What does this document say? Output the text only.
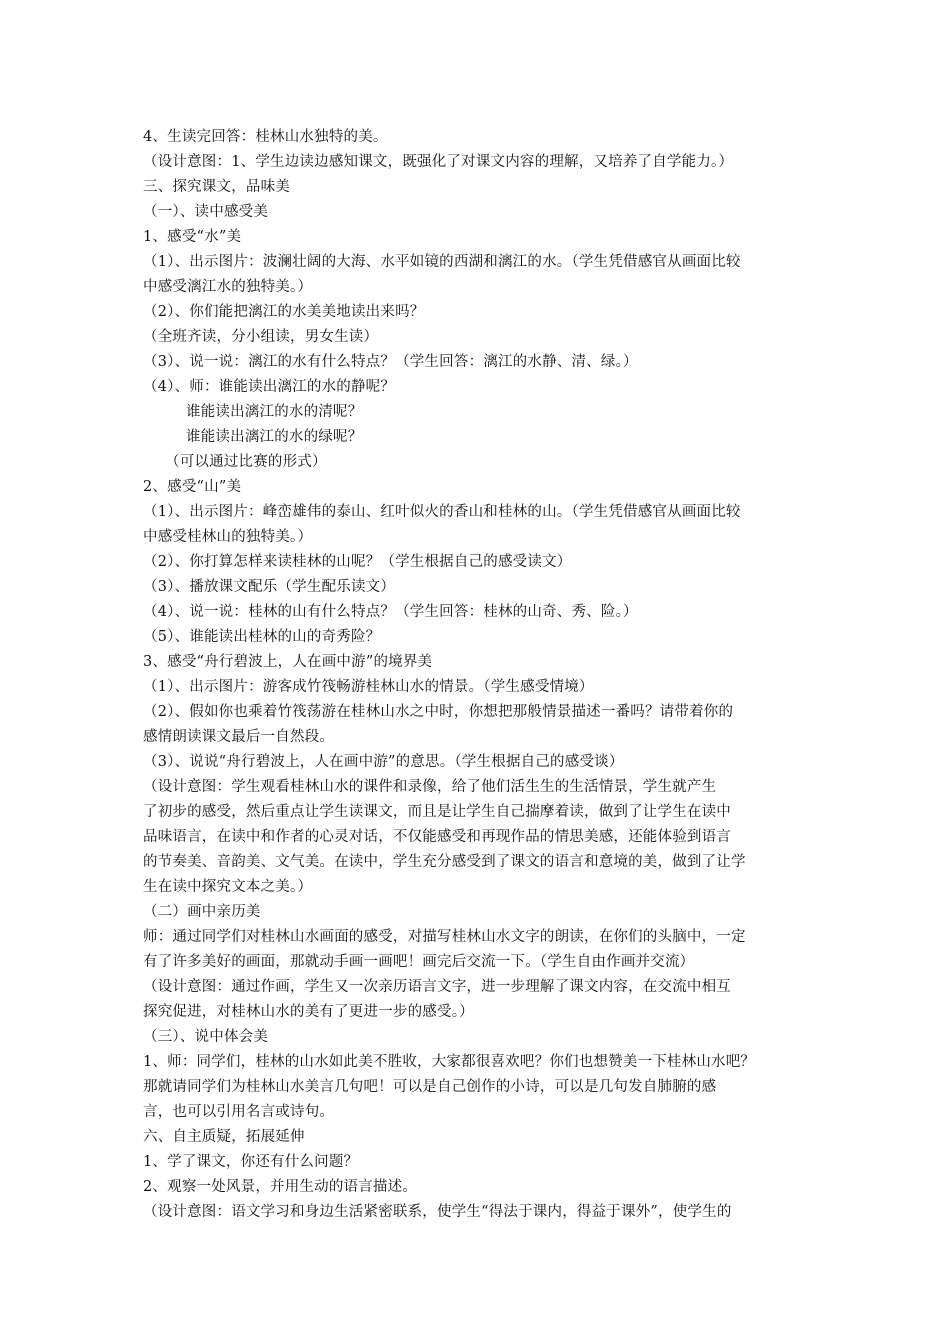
4、生读完回答：桂林山水独特的美。
（设计意图：1、学生边读边感知课文，既强化了对课文内容的理解，又培养了自学能力。）
三、探究课文，品味美
（一）、读中感受美
1、感受“水”美
（1）、出示图片：波澜壮阔的大海、水平如镜的西湖和漓江的水。（学生凭借感官从画面比较
中感受漓江水的独特美。）
（2）、你们能把漓江的水美美地读出来吗？
（全班齐读，分小组读，男女生读）
（3）、说一说：漓江的水有什么特点？（学生回答：漓江的水静、清、绿。）
（4）、师：谁能读出漓江的水的静呢？
谁能读出漓江的水的清呢？
谁能读出漓江的水的绿呢？
（可以通过比赛的形式）
2、感受“山”美
（1）、出示图片：峰峦雄伟的泰山、红叶似火的香山和桂林的山。（学生凭借感官从画面比较
中感受桂林山的独特美。）
（2）、你打算怎样来读桂林的山呢？（学生根据自己的感受读文）
（3）、播放课文配乐（学生配乐读文）
（4）、说一说：桂林的山有什么特点？（学生回答：桂林的山奇、秀、险。）
（5）、谁能读出桂林的山的奇秀险？
3、感受“舟行碧波上，人在画中游”的境界美
（1）、出示图片：游客成竹筏畅游桂林山水的情景。（学生感受情境）
（2）、假如你也乘着竹筏荡游在桂林山水之中时，你想把那般情景描述一番吗？请带着你的
感情朗读课文最后一自然段。
（3）、说说“舟行碧波上，人在画中游”的意思。（学生根据自己的感受谈）
（设计意图：学生观看桂林山水的课件和录像，给了他们活生生的生活情景，学生就产生
了初步的感受，然后重点让学生读课文，而且是让学生自己揣摩着读，做到了让学生在读中
品味语言，在读中和作者的心灵对话，不仅能感受和再现作品的情思美感，还能体验到语言
的节奏美、音韵美、文气美。在读中，学生充分感受到了课文的语言和意境的美，做到了让学
生在读中探究文本之美。）
（二）画中亲历美
师：通过同学们对桂林山水画面的感受，对描写桂林山水文字的朗读，在你们的头脑中，一定
有了许多美好的画面，那就动手画一画吧！画完后交流一下。（学生自由作画并交流）
（设计意图：通过作画，学生又一次亲历语言文字，进一步理解了课文内容，在交流中相互
探究促进，对桂林山水的美有了更进一步的感受。）
（三）、说中体会美
1、师：同学们，桂林的山水如此美不胜收，大家都很喜欢吧？你们也想赞美一下桂林山水吧？
那就请同学们为桂林山水美言几句吧！可以是自己创作的小诗，可以是几句发自肺腑的感
言，也可以引用名言或诗句。
六、自主质疑，拓展延伸
1、学了课文，你还有什么问题？
2、观察一处风景，并用生动的语言描述。
（设计意图：语文学习和身边生活紧密联系，使学生“得法于课内，得益于课外”，使学生的
